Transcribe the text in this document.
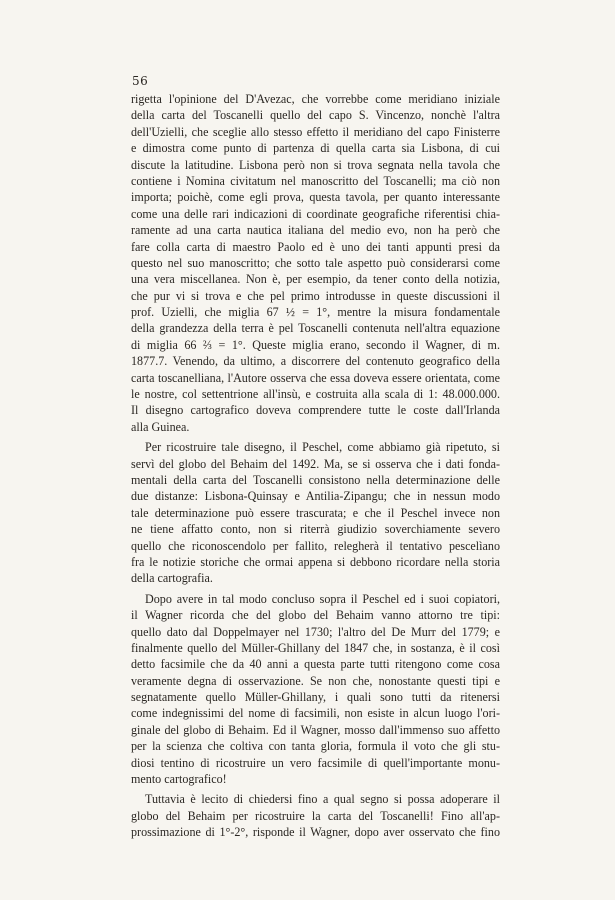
56
rigetta l'opinione del D'Avezac, che vorrebbe come meridiano iniziale
della carta del Toscanelli quello del capo S. Vincenzo, nonchè l'altra
dell'Uzielli, che sceglie allo stesso effetto il meridiano del capo Finisterre
e dimostra come punto di partenza di quella carta sia Lisbona, di cui
discute la latitudine. Lisbona però non si trova segnata nella tavola che
contiene i Nomina civitatum nel manoscritto del Toscanelli; ma ciò non
importa; poichè, come egli prova, questa tavola, per quanto interessante
come una delle rari indicazioni di coordinate geografiche riferentisi chia-
ramente ad una carta nautica italiana del medio evo, non ha però che
fare colla carta di maestro Paolo ed è uno dei tanti appunti presi da
questo nel suo manoscritto; che sotto tale aspetto può considerarsi come
una vera miscellanea. Non è, per esempio, da tener conto della notizia,
che pur vi si trova e che pel primo introdusse in queste discussioni il
prof. Uzielli, che miglia 67 ½ = 1°, mentre la misura fondamentale
della grandezza della terra è pel Toscanelli contenuta nell'altra equazione
di miglia 66 ⅔ = 1°. Queste miglia erano, secondo il Wagner, di m.
1877.7. Venendo, da ultimo, a discorrere del contenuto geografico della
carta toscanelliana, l'Autore osserva che essa doveva essere orientata, come
le nostre, col settentrione all'insù, e costruita alla scala di 1: 48.000.000.
Il disegno cartografico doveva comprendere tutte le coste dall'Irlanda
alla Guinea.
Per ricostruire tale disegno, il Peschel, come abbiamo già ripetuto, si
servì del globo del Behaim del 1492. Ma, se si osserva che i dati fonda-
mentali della carta del Toscanelli consistono nella determinazione delle
due distanze: Lisbona-Quinsay e Antilia-Zipangu; che in nessun modo
tale determinazione può essere trascurata; e che il Peschel invece non
ne tiene affatto conto, non si riterrà giudizio soverchiamente severo
quello che riconoscendolo per fallito, relegherà il tentativo pescelìano
fra le notizie storiche che ormai appena si debbono ricordare nella storia
della cartografia.
Dopo avere in tal modo concluso sopra il Peschel ed i suoi copiatori,
il Wagner ricorda che del globo del Behaim vanno attorno tre tipi:
quello dato dal Doppelmayer nel 1730; l'altro del De Murr del 1779; e
finalmente quello del Müller-Ghillany del 1847 che, in sostanza, è il così
detto facsimile che da 40 anni a questa parte tutti ritengono come cosa
veramente degna di osservazione. Se non che, nonostante questi tipi e
segnatamente quello Müller-Ghillany, i quali sono tutti da ritenersi
come indegnissimi del nome di facsimili, non esiste in alcun luogo l'ori-
ginale del globo di Behaim. Ed il Wagner, mosso dall'immenso suo affetto
per la scienza che coltiva con tanta gloria, formula il voto che gli stu-
diosi tentino di ricostruire un vero facsimile di quell'importante monu-
mento cartografico!
Tuttavia è lecito di chiedersi fino a qual segno si possa adoperare il
globo del Behaim per ricostruire la carta del Toscanelli! Fino all'ap-
prossimazione di 1°-2°, risponde il Wagner, dopo aver osservato che fino
